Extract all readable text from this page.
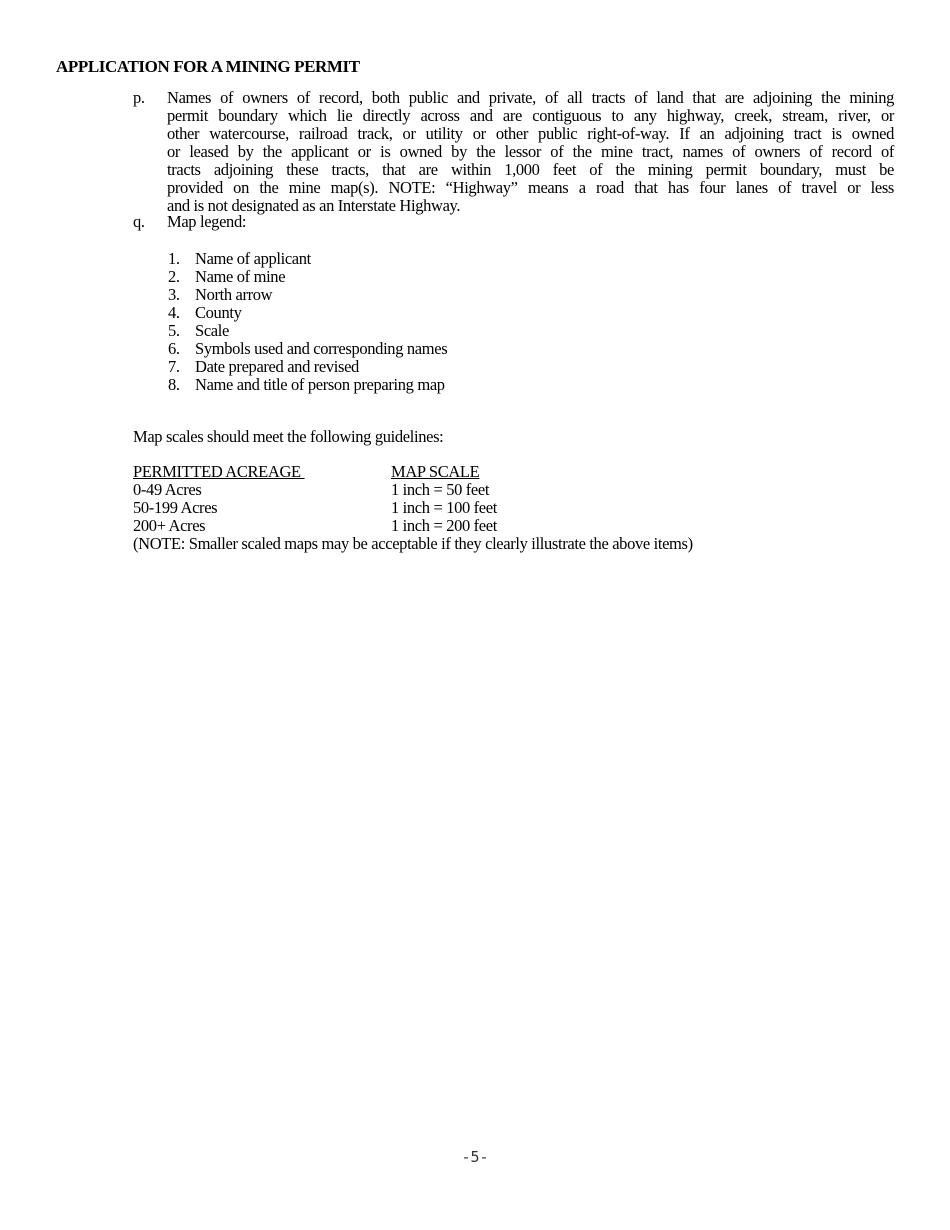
APPLICATION FOR A MINING PERMIT
p. Names of owners of record, both public and private, of all tracts of land that are adjoining the mining
permit boundary which lie directly across and are contiguous to any highway, creek, stream, river, or
other watercourse, railroad track, or utility or other public right-of-way. If an adjoining tract is owned
or leased by the applicant or is owned by the lessor of the mine tract, names of owners of record of
tracts adjoining these tracts, that are within 1,000 feet of the mining permit boundary, must be
provided on the mine map(s). NOTE: “Highway” means a road that has four lanes of travel or less
and is not designated as an Interstate Highway.
q. Map legend:
1. Name of applicant
2. Name of mine
3. North arrow
4. County
5. Scale
6. Symbols used and corresponding names
7. Date prepared and revised
8. Name and title of person preparing map
Map scales should meet the following guidelines:
PERMITTED ACREAGE	MAP SCALE
0-49 Acres	1 inch = 50 feet
50-199 Acres	1 inch = 100 feet
200+ Acres	1 inch = 200 feet
(NOTE: Smaller scaled maps may be acceptable if they clearly illustrate the above items)
-5-
